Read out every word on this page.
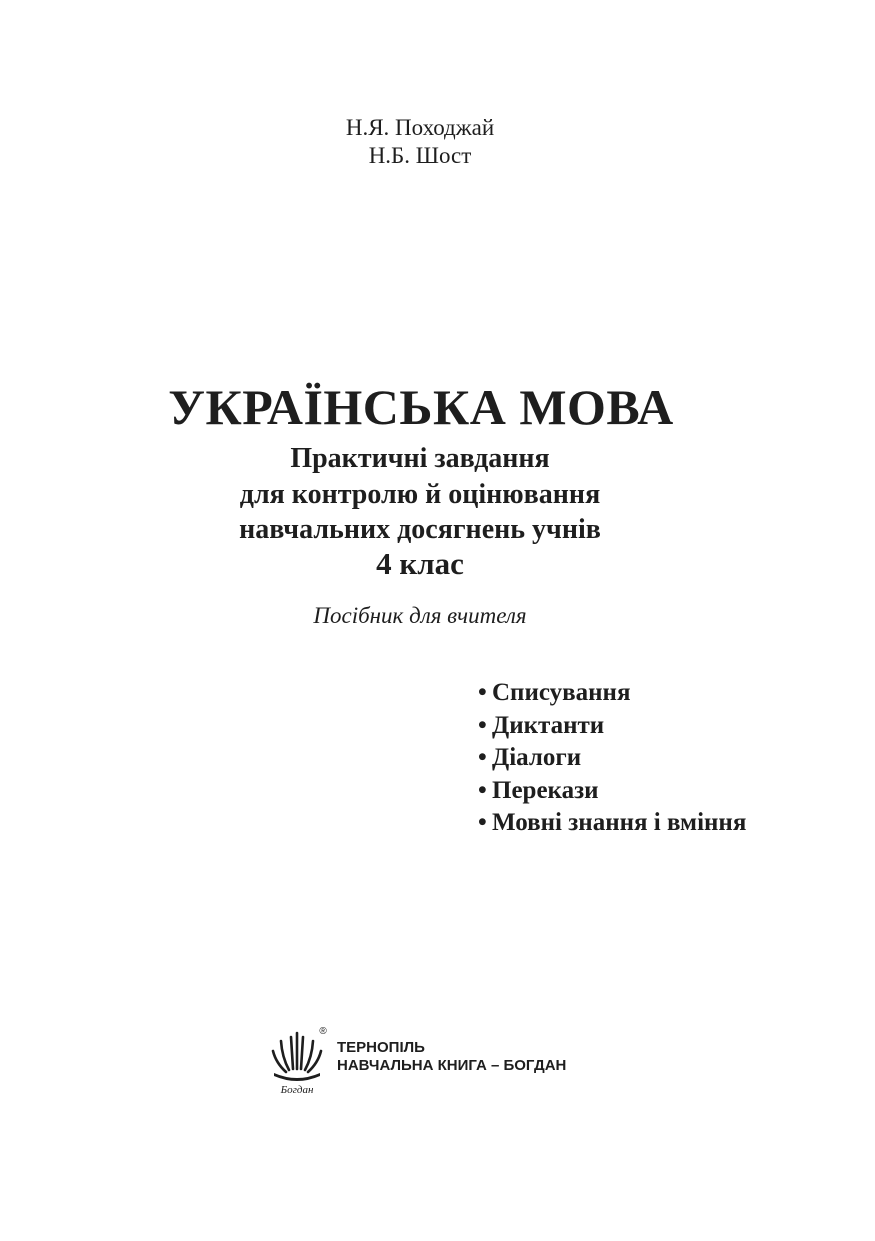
Н.Я. Походжай
Н.Б. Шост
УКРАЇНСЬКА МОВА
Практичні завдання
для контролю й оцінювання
навчальних досягнень учнів
4 клас
Посібник для вчителя
• Списування
• Диктанти
• Діалоги
• Перекази
• Мовні знання і вміння
Богдан
®
ТЕРНОПІЛЬ
НАВЧАЛЬНА КНИГА – БОГДАН
